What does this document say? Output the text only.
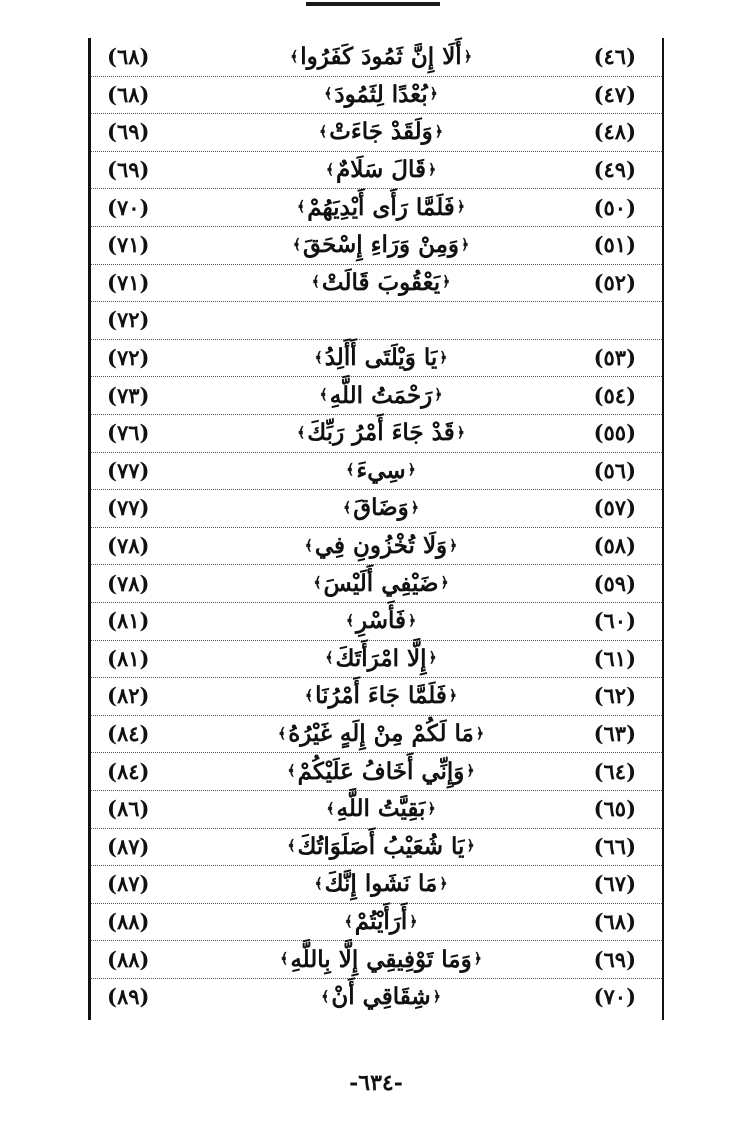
(٤٦)
﴿
أَلَا إِنَّ ثَمُودَ كَفَرُوا
﴾
(٦٨)
(٤٧)
﴿
بُعْدًا لِثَمُودَ
﴾
(٦٨)
(٤٨)
﴿
وَلَقَدْ جَاءَتْ
﴾
(٦٩)
(٤٩)
﴿
قَالَ سَلَامٌ
﴾
(٦٩)
(٥٠)
﴿
فَلَمَّا رَأَى أَيْدِيَهُمْ
﴾
(٧٠)
(٥١)
﴿
وَمِنْ وَرَاءِ إِسْحَقَ
﴾
(٧١)
(٥٢)
﴿
يَعْقُوبَ قَالَتْ
﴾
(٧١)
(٧٢)
(٥٣)
﴿
يَا وَيْلَتَى أَأَلِدُ
﴾
(٧٢)
(٥٤)
﴿
رَحْمَتُ اللَّهِ
﴾
(٧٣)
(٥٥)
﴿
قَدْ جَاءَ أَمْرُ رَبِّكَ
﴾
(٧٦)
(٥٦)
﴿
سِيءَ
﴾
(٧٧)
(٥٧)
﴿
وَضَاقَ
﴾
(٧٧)
(٥٨)
﴿
وَلَا تُخْزُونِ فِي
﴾
(٧٨)
(٥٩)
﴿
ضَيْفِي أَلَيْسَ
﴾
(٧٨)
(٦٠)
﴿
فَأَسْرِ
﴾
(٨١)
(٦١)
﴿
إِلَّا امْرَأَتَكَ
﴾
(٨١)
(٦٢)
﴿
فَلَمَّا جَاءَ أَمْرُنَا
﴾
(٨٢)
(٦٣)
﴿
مَا لَكُمْ مِنْ إِلَهٍ غَيْرُهُ
﴾
(٨٤)
(٦٤)
﴿
وَإِنِّي أَخَافُ عَلَيْكُمْ
﴾
(٨٤)
(٦٥)
﴿
بَقِيَّتُ اللَّهِ
﴾
(٨٦)
(٦٦)
﴿
يَا شُعَيْبُ أَصَلَوَاتُكَ
﴾
(٨٧)
(٦٧)
﴿
مَا نَشَوا إِنَّكَ
﴾
(٨٧)
(٦٨)
﴿
أَرَأَيْتُمْ
﴾
(٨٨)
(٦٩)
﴿
وَمَا تَوْفِيقِي إِلَّا بِاللَّهِ
﴾
(٨٨)
(٧٠)
﴿
شِقَاقِي أَنْ
﴾
(٨٩)
-٦٣٤-
